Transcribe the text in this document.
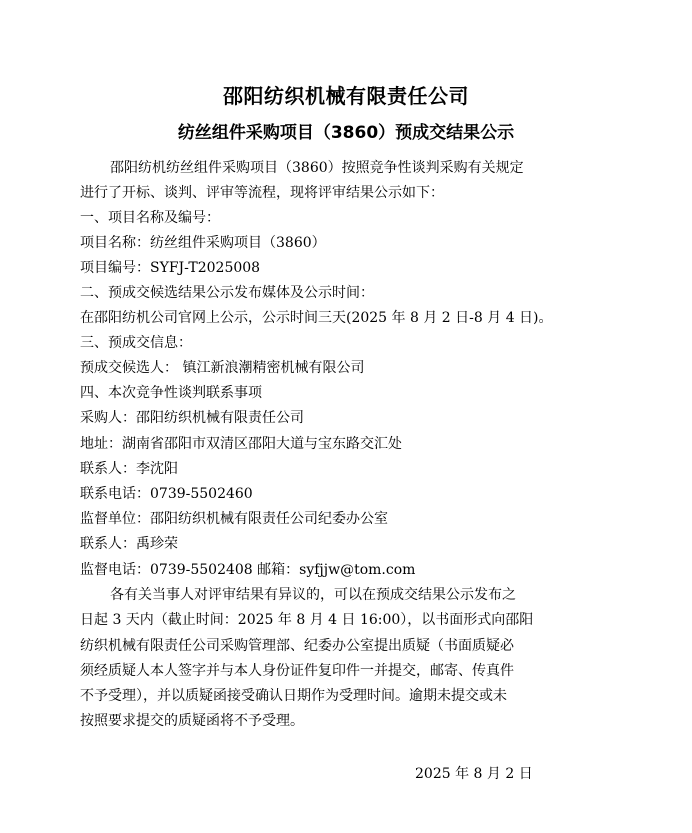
邵阳纺织机械有限责任公司
纺丝组件采购项目（3860）预成交结果公示
邵阳纺机纺丝组件采购项目（3860）按照竞争性谈判采购有关规定
进行了开标、谈判、评审等流程，现将评审结果公示如下：
一、项目名称及编号：
项目名称：纺丝组件采购项目（3860）
项目编号：SYFJ-T2025008
二、预成交候选结果公示发布媒体及公示时间：
在邵阳纺机公司官网上公示，公示时间三天(2025 年 8 月 2 日-8 月 4 日)。
三、预成交信息：
预成交候选人： 镇江新浪潮精密机械有限公司
四、本次竞争性谈判联系事项
采购人：邵阳纺织机械有限责任公司
地址：湖南省邵阳市双清区邵阳大道与宝东路交汇处
联系人：李沈阳
联系电话：0739-5502460
监督单位：邵阳纺织机械有限责任公司纪委办公室
联系人：禹珍荣
监督电话：0739-5502408 邮箱：syfjjw@tom.com
各有关当事人对评审结果有异议的，可以在预成交结果公示发布之
日起 3 天内（截止时间：2025 年 8 月 4 日 16:00），以书面形式向邵阳
纺织机械有限责任公司采购管理部、纪委办公室提出质疑（书面质疑必
须经质疑人本人签字并与本人身份证件复印件一并提交，邮寄、传真件
不予受理），并以质疑函接受确认日期作为受理时间。逾期未提交或未
按照要求提交的质疑函将不予受理。
2025 年 8 月 2 日
